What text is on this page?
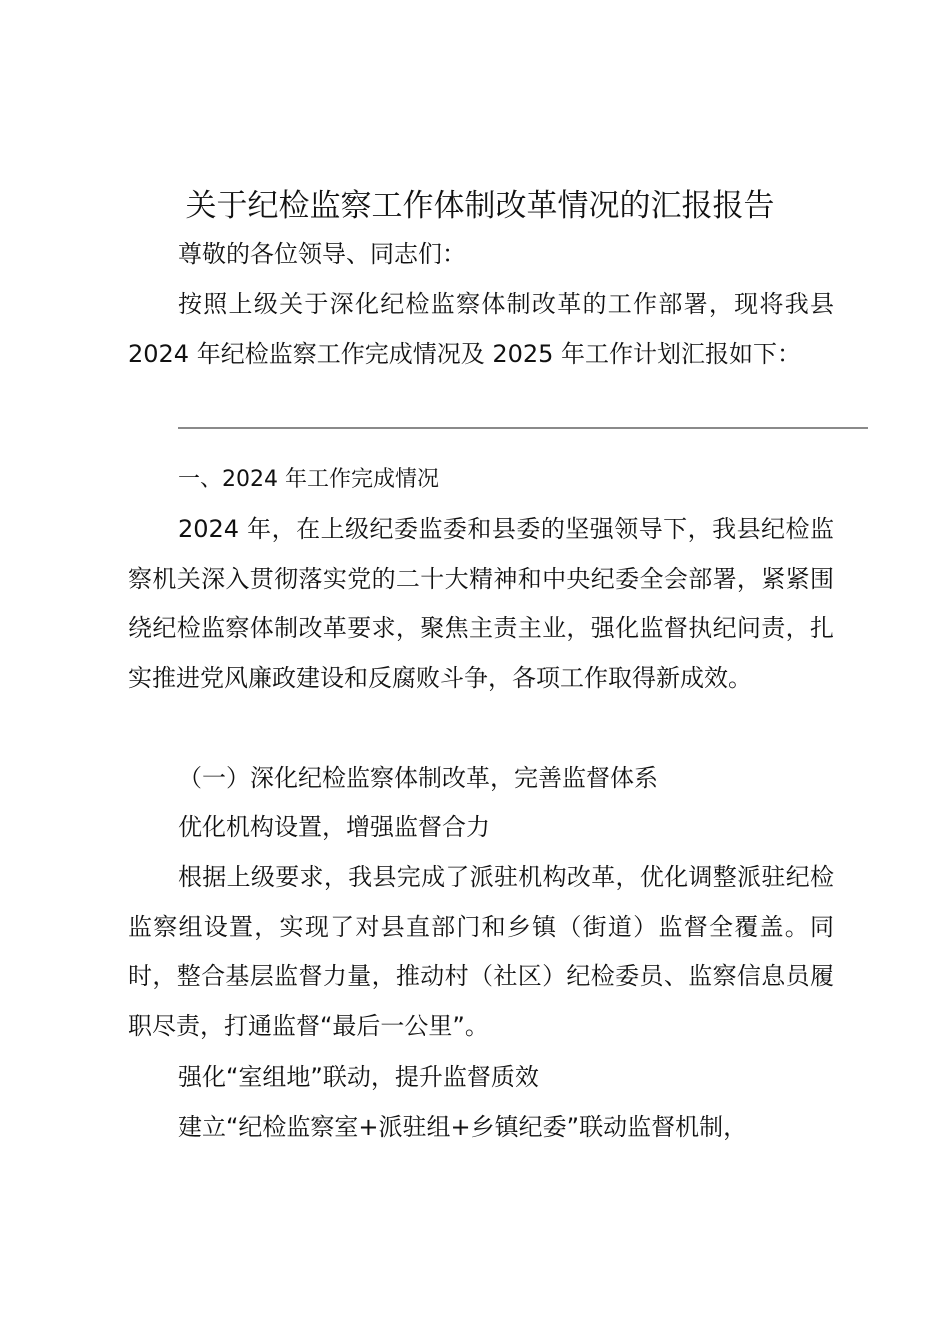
关于纪检监察工作体制改革情况的汇报报告

尊敬的各位领导、同志们：

按照上级关于深化纪检监察体制改革的工作部署，现将我县 2024 年纪检监察工作完成情况及 2025 年工作计划汇报如下：

一、2024 年工作完成情况

2024 年，在上级纪委监委和县委的坚强领导下，我县纪检监察机关深入贯彻落实党的二十大精神和中央纪委全会部署，紧紧围绕纪检监察体制改革要求，聚焦主责主业，强化监督执纪问责，扎实推进党风廉政建设和反腐败斗争，各项工作取得新成效。

（一）深化纪检监察体制改革，完善监督体系

优化机构设置，增强监督合力

根据上级要求，我县完成了派驻机构改革，优化调整派驻纪检监察组设置，实现了对县直部门和乡镇（街道）监督全覆盖。同时，整合基层监督力量，推动村（社区）纪检委员、监察信息员履职尽责，打通监督“最后一公里”。

强化“室组地”联动，提升监督质效

建立“纪检监察室+派驻组+乡镇纪委”联动监督机制，
